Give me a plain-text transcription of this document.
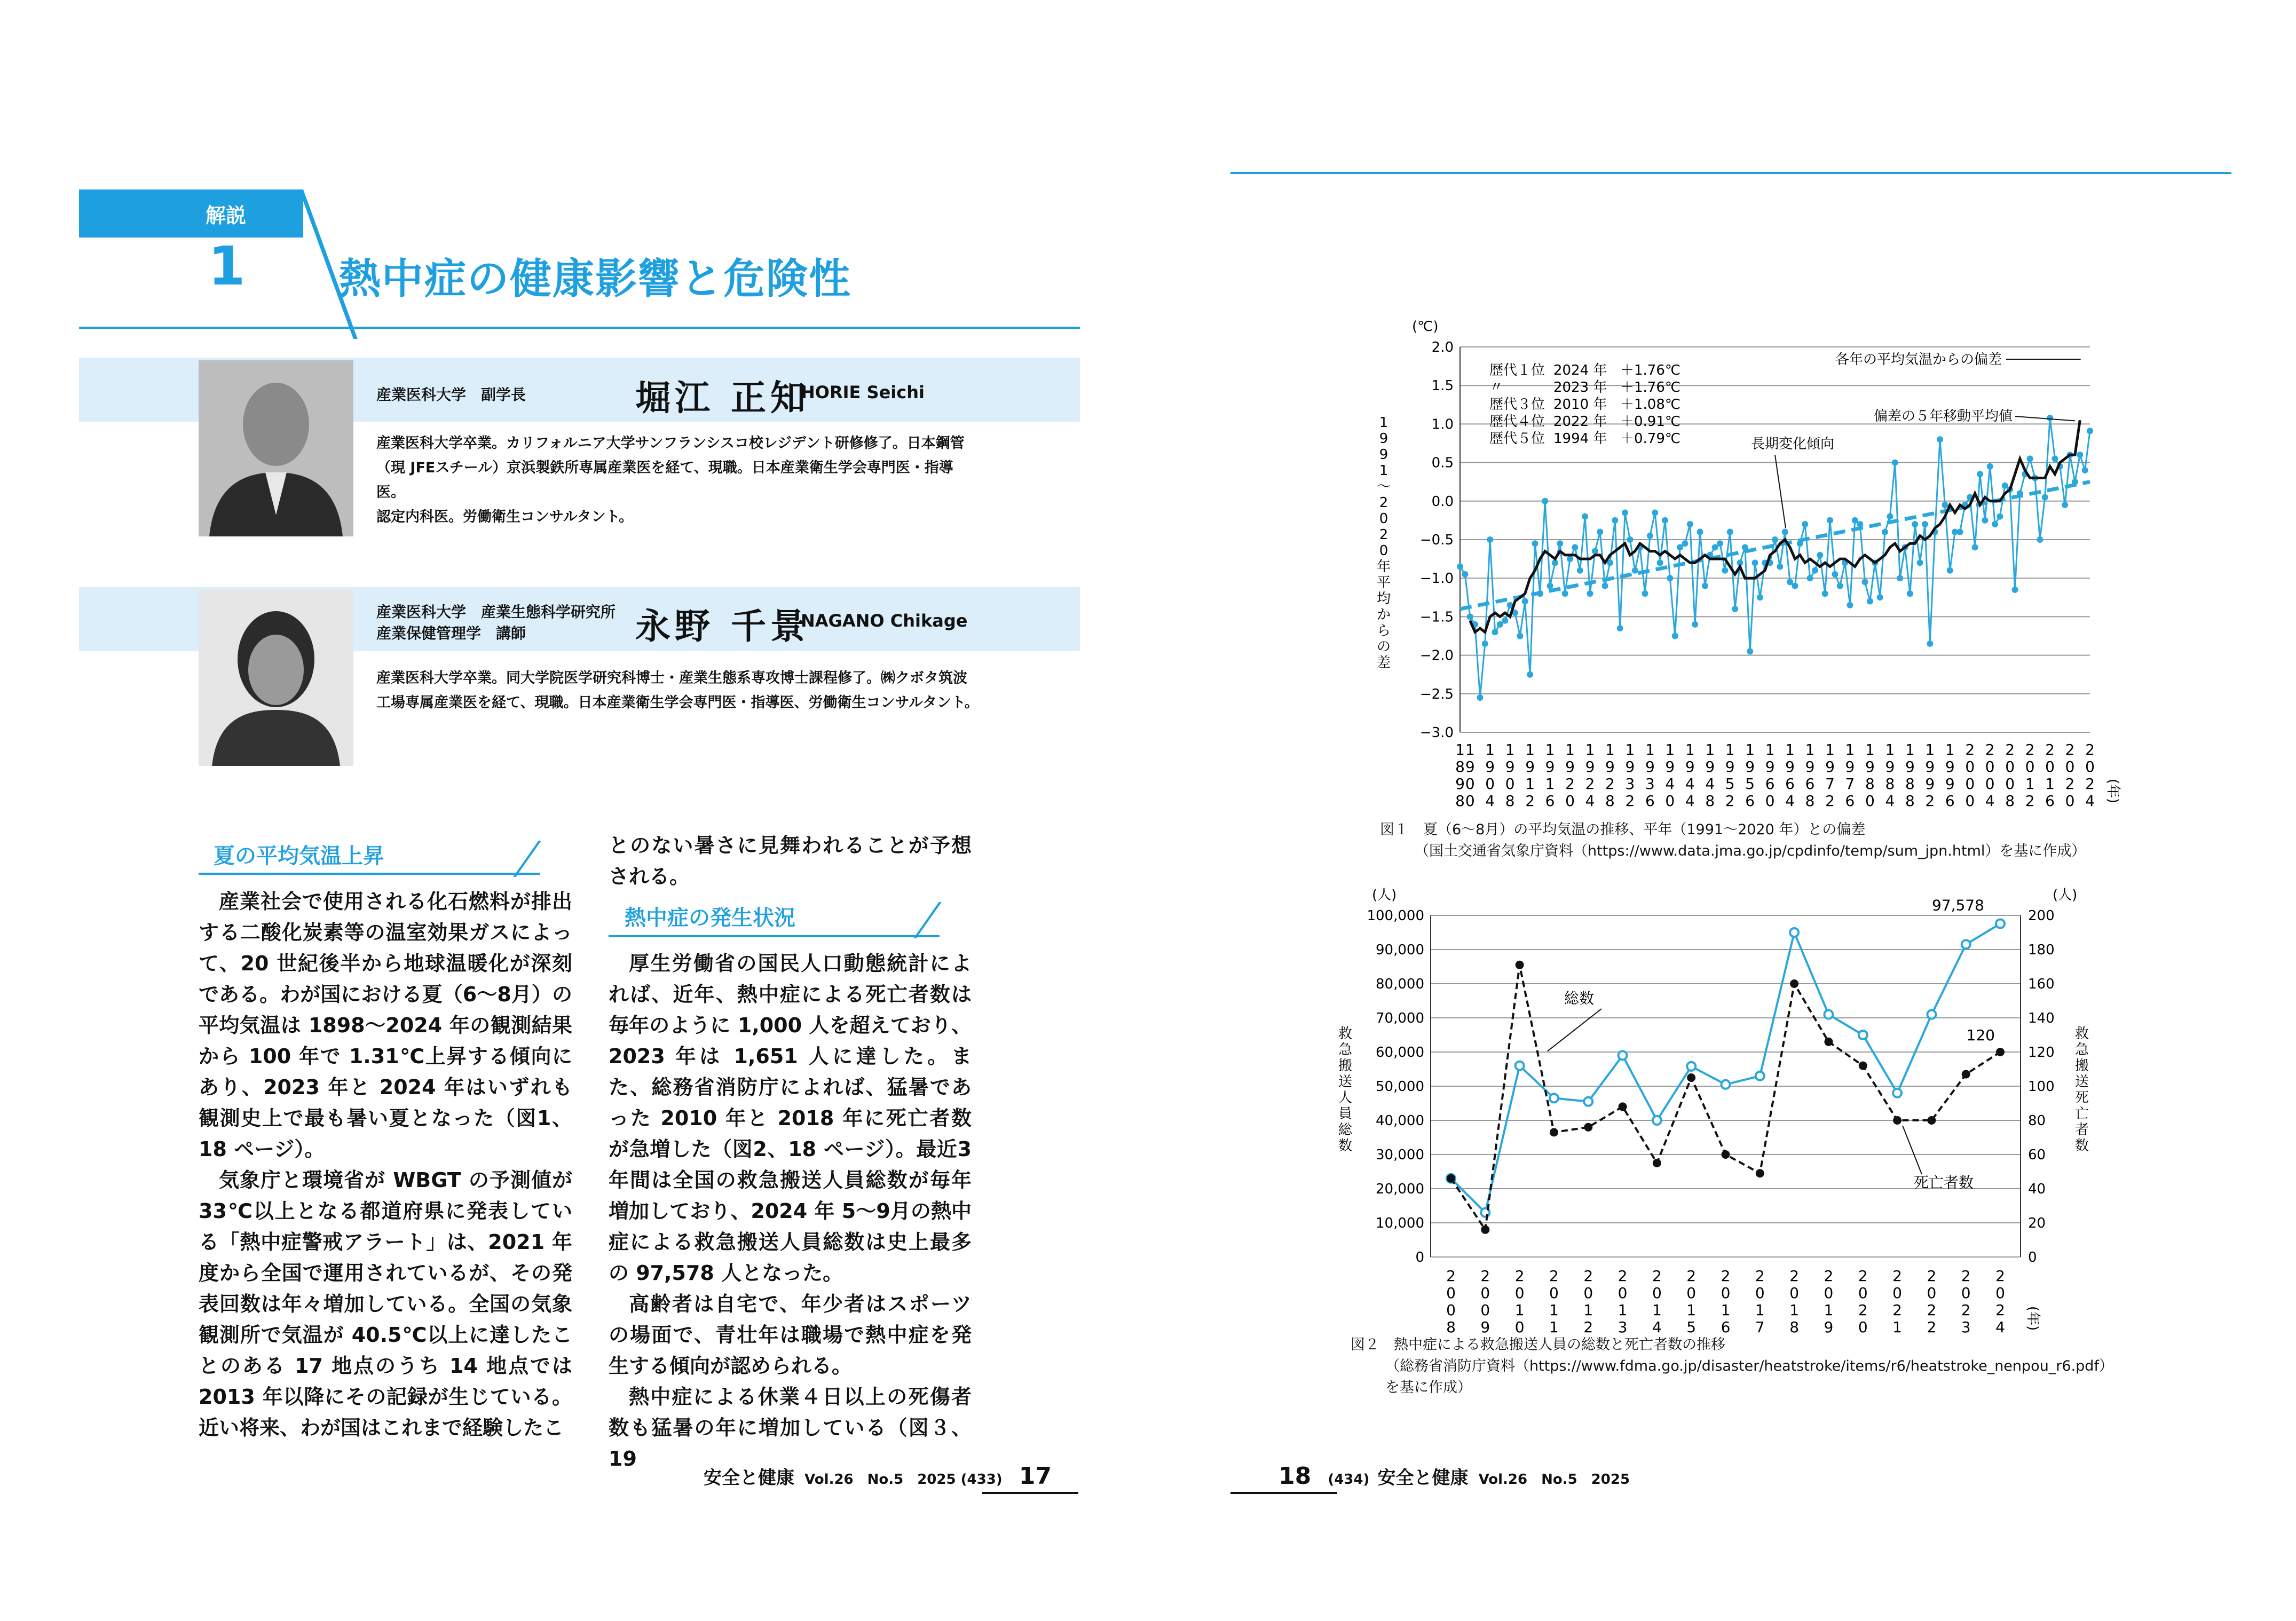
解説
1 熱中症の健康影響と危険性
産業医科大学　副学長	堀江 正知
HORIE Seichi
産業医科大学卒業。カリフォルニア大学サンフランシスコ校レジデント研修修了。日本鋼管
（現 JFEスチール）京浜製鉄所専属産業医を経て、現職。日本産業衛生学会専門医・指導医。
認定内科医。労働衛生コンサルタント。
産業医科大学　産業生態科学研究所
産業保健管理学　講師	永野 千景
NAGANO Chikage
産業医科大学卒業。同大学院医学研究科博士・産業生態系専攻博士課程修了。㈱クボタ筑波
工場専属産業医を経て、現職。日本産業衛生学会専門医・指導医、労働衛生コンサルタント。
夏の平均気温上昇

産業社会で使用される化石燃料が排出する二酸化炭素等の温室効果ガスによって、20 世紀後半から地球温暖化が深刻である。わが国における夏（6～8月）の平均気温は 1898～2024 年の観測結果から 100 年で 1.31℃上昇する傾向にあり、2023 年と 2024 年はいずれも観測史上で最も暑い夏となった（図1、18 ページ）。

気象庁と環境省が WBGT の予測値が 33℃以上となる都道府県に発表している「熱中症警戒アラート」は、2021 年度から全国で運用されているが、その発表回数は年々増加している。全国の気象観測所で気温が 40.5℃以上に達したことのある 17 地点のうち 14 地点では 2013 年以降にその記録が生じている。近い将来、わが国はこれまで経験したこ

とのない暑さに見舞われることが予想される。

熱中症の発生状況

厚生労働省の国民人口動態統計によれば、近年、熱中症による死亡者数は毎年のように 1,000 人を超えており、2023 年は 1,651 人に達した。また、総務省消防庁によれば、猛暑であった 2010 年と 2018 年に死亡者数が急増した（図2、18 ページ）。最近3年間は全国の救急搬送人員総数が毎年増加しており、2024 年 5～9月の熱中症による救急搬送人員総数は史上最多の 97,578 人となった。

高齢者は自宅で、年少者はスポーツの場面で、青壮年は職場で熱中症を発生する傾向が認められる。

熱中症による休業４日以上の死傷者数も猛暑の年に増加している（図３、19

安全と健康 Vol.26　No.5　2025 (433) 17
(℃)
2.0
1.5
1.0
0.5
0.0
−0.5
−1.0
−1.5
−2.0
−2.5
−3.0
1
9
9
1
～
2
0
2
0
年
平
均
か
ら
の
差
1
8
9
8
1
9
0
0
1
9
0
4
1
9
0
8
1
9
1
2
1
9
1
6
1
9
2
0
1
9
2
4
1
9
2
8
1
9
3
2
1
9
3
6
1
9
4
0
1
9
4
4
1
9
4
8
1
9
5
2
1
9
5
6
1
9
6
0
1
9
6
4
1
9
6
8
1
9
7
2
1
9
7
6
1
9
8
0
1
9
8
4
1
9
8
8
1
9
9
2
1
9
9
6
2
0
0
0
2
0
0
4
2
0
0
8
2
0
1
2
2
0
1
6
2
0
2
0
2
0
2
4 (年)
歴代１位 2024 年 ＋1.76℃
〃	2023 年 ＋1.76℃
歴代３位 2010 年 ＋1.08℃
歴代４位 2022 年 ＋0.91℃
歴代５位 1994 年 ＋0.79℃
各年の平均気温からの偏差
偏差の５年移動平均値
長期変化傾向
図１　 夏（6～8月）の平均気温の推移、平年（1991～2020 年）との偏差
（国土交通省気象庁資料（https://www.data.jma.go.jp/cpdinfo/temp/sum_jpn.html）を基に作成）
(人)	(人)
100,000
90,000
80,000
70,000
60,000
50,000
40,000
30,000
20,000
10,000
0
200
180
160
140
120
100
80
60
40
20
0
救
急
搬
送
人
員
総
数
救
急
搬
送
死
亡
者
数
2
0
0
8
2
0
0
9
2
0
1
0
2
0
1
1
2
0
1
2
2
0
1
3
2
0
1
4
2
0
1
5
2
0
1
6
2
0
1
7
2
0
1
8
2
0
1
9
2
0
2
0
2
0
2
1
2
0
2
2
2
0
2
3
2
0
2
4 (年)
総数
死亡者数
97,578
120
図２　 熱中症による救急搬送人員の総数と死亡者数の推移
（総務省消防庁資料（https://www.fdma.go.jp/disaster/heatstroke/items/r6/heatstroke_nenpou_r6.pdf）
を基に作成）
18 (434) 安全と健康 Vol.26　No.5　2025
